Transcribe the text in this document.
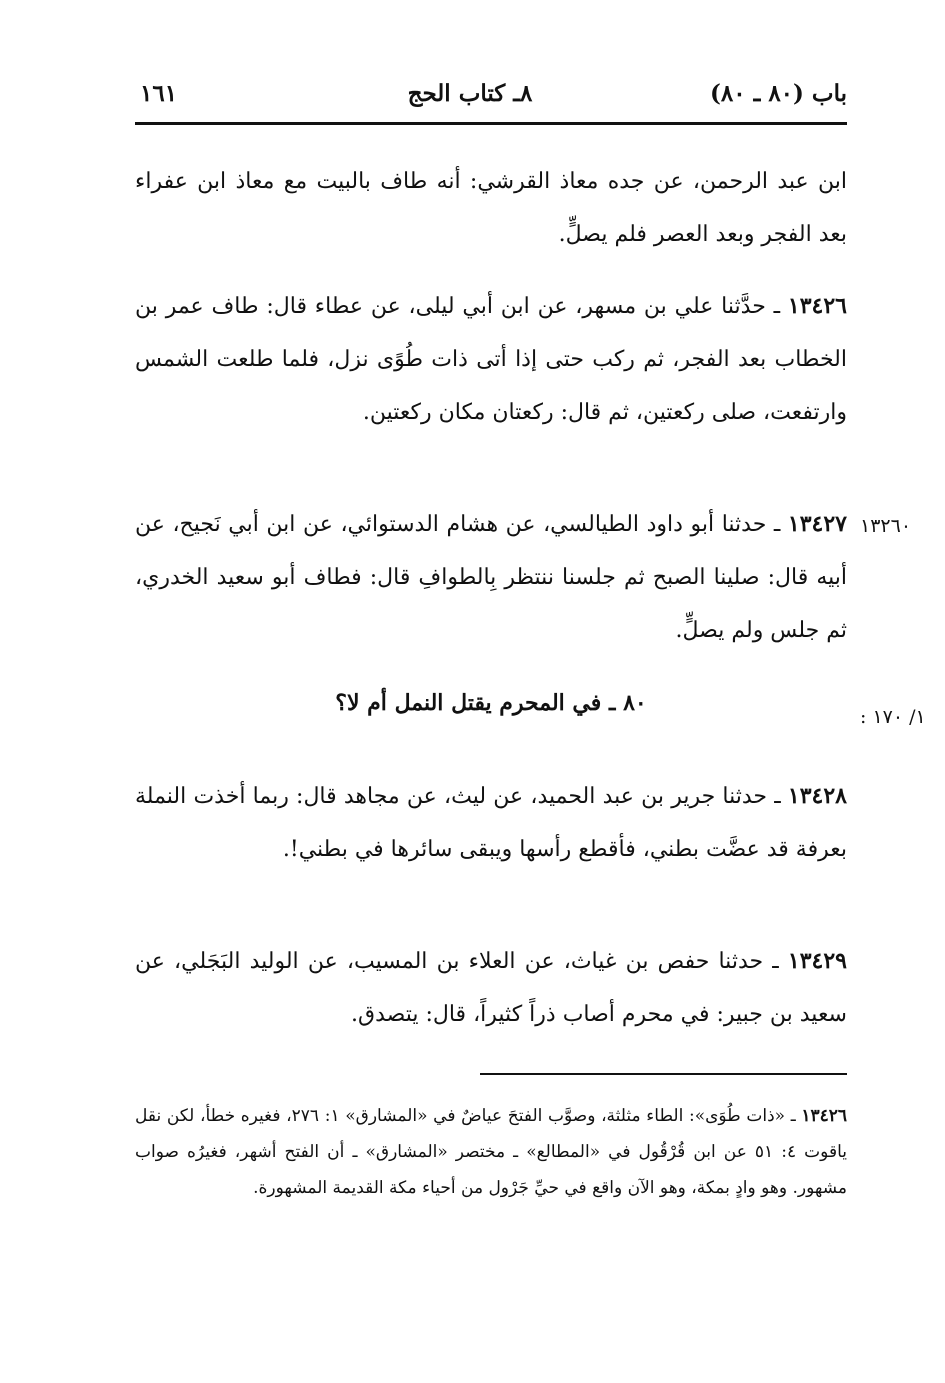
باب (٨٠ ـ ٨٠)
٨ـ كتاب الحج
١٦١
ابن عبد الرحمن، عن جده معاذ القرشي: أنه طاف بالبيت مع معاذ ابن عفراء بعد الفجر وبعد العصر فلم يصلٍّ.
١٣٤٢٦ ـ حدَّثنا علي بن مسهر، عن ابن أبي ليلى، عن عطاء قال: طاف عمر بن الخطاب بعد الفجر، ثم ركب حتى إذا أتى ذات طُوًى نزل، فلما طلعت الشمس وارتفعت، صلى ركعتين، ثم قال: ركعتان مكان ركعتين.
١٣٤٢٧ ـ حدثنا أبو داود الطيالسي، عن هشام الدستوائي، عن ابن أبي نَجيح، عن أبيه قال: صلينا الصبح ثم جلسنا ننتظر بِالطوافِ قال: فطاف أبو سعيد الخدري، ثم جلس ولم يصلٍّ.
١٣٢٦٠
٨٠ ـ في المحرم يقتل النمل أم لا؟
١/ ١٧٠ :
١٣٤٢٨ ـ حدثنا جرير بن عبد الحميد، عن ليث، عن مجاهد قال: ربما أخذت النملة بعرفة قد عضَّت بطني، فأقطع رأسها ويبقى سائرها في بطني!.
١٣٤٢٩ ـ حدثنا حفص بن غياث، عن العلاء بن المسيب، عن الوليد البَجَلي، عن سعيد بن جبير: في محرم أصاب ذراً كثيراً، قال: يتصدق.
١٣٤٢٦ ـ «ذات طُوَى»: الطاء مثلثة، وصوَّب الفتحَ عياضٌ في «المشارق» ١: ٢٧٦، فغيره خطأ، لكن نقل ياقوت ٤: ٥١ عن ابن قُرْقُول في «المطالع» ـ مختصر «المشارق» ـ أن الفتح أشهر، فغيرُه صواب مشهور. وهو وادٍ بمكة، وهو الآن واقع في حيِّ جَرْول من أحياء مكة القديمة المشهورة.
